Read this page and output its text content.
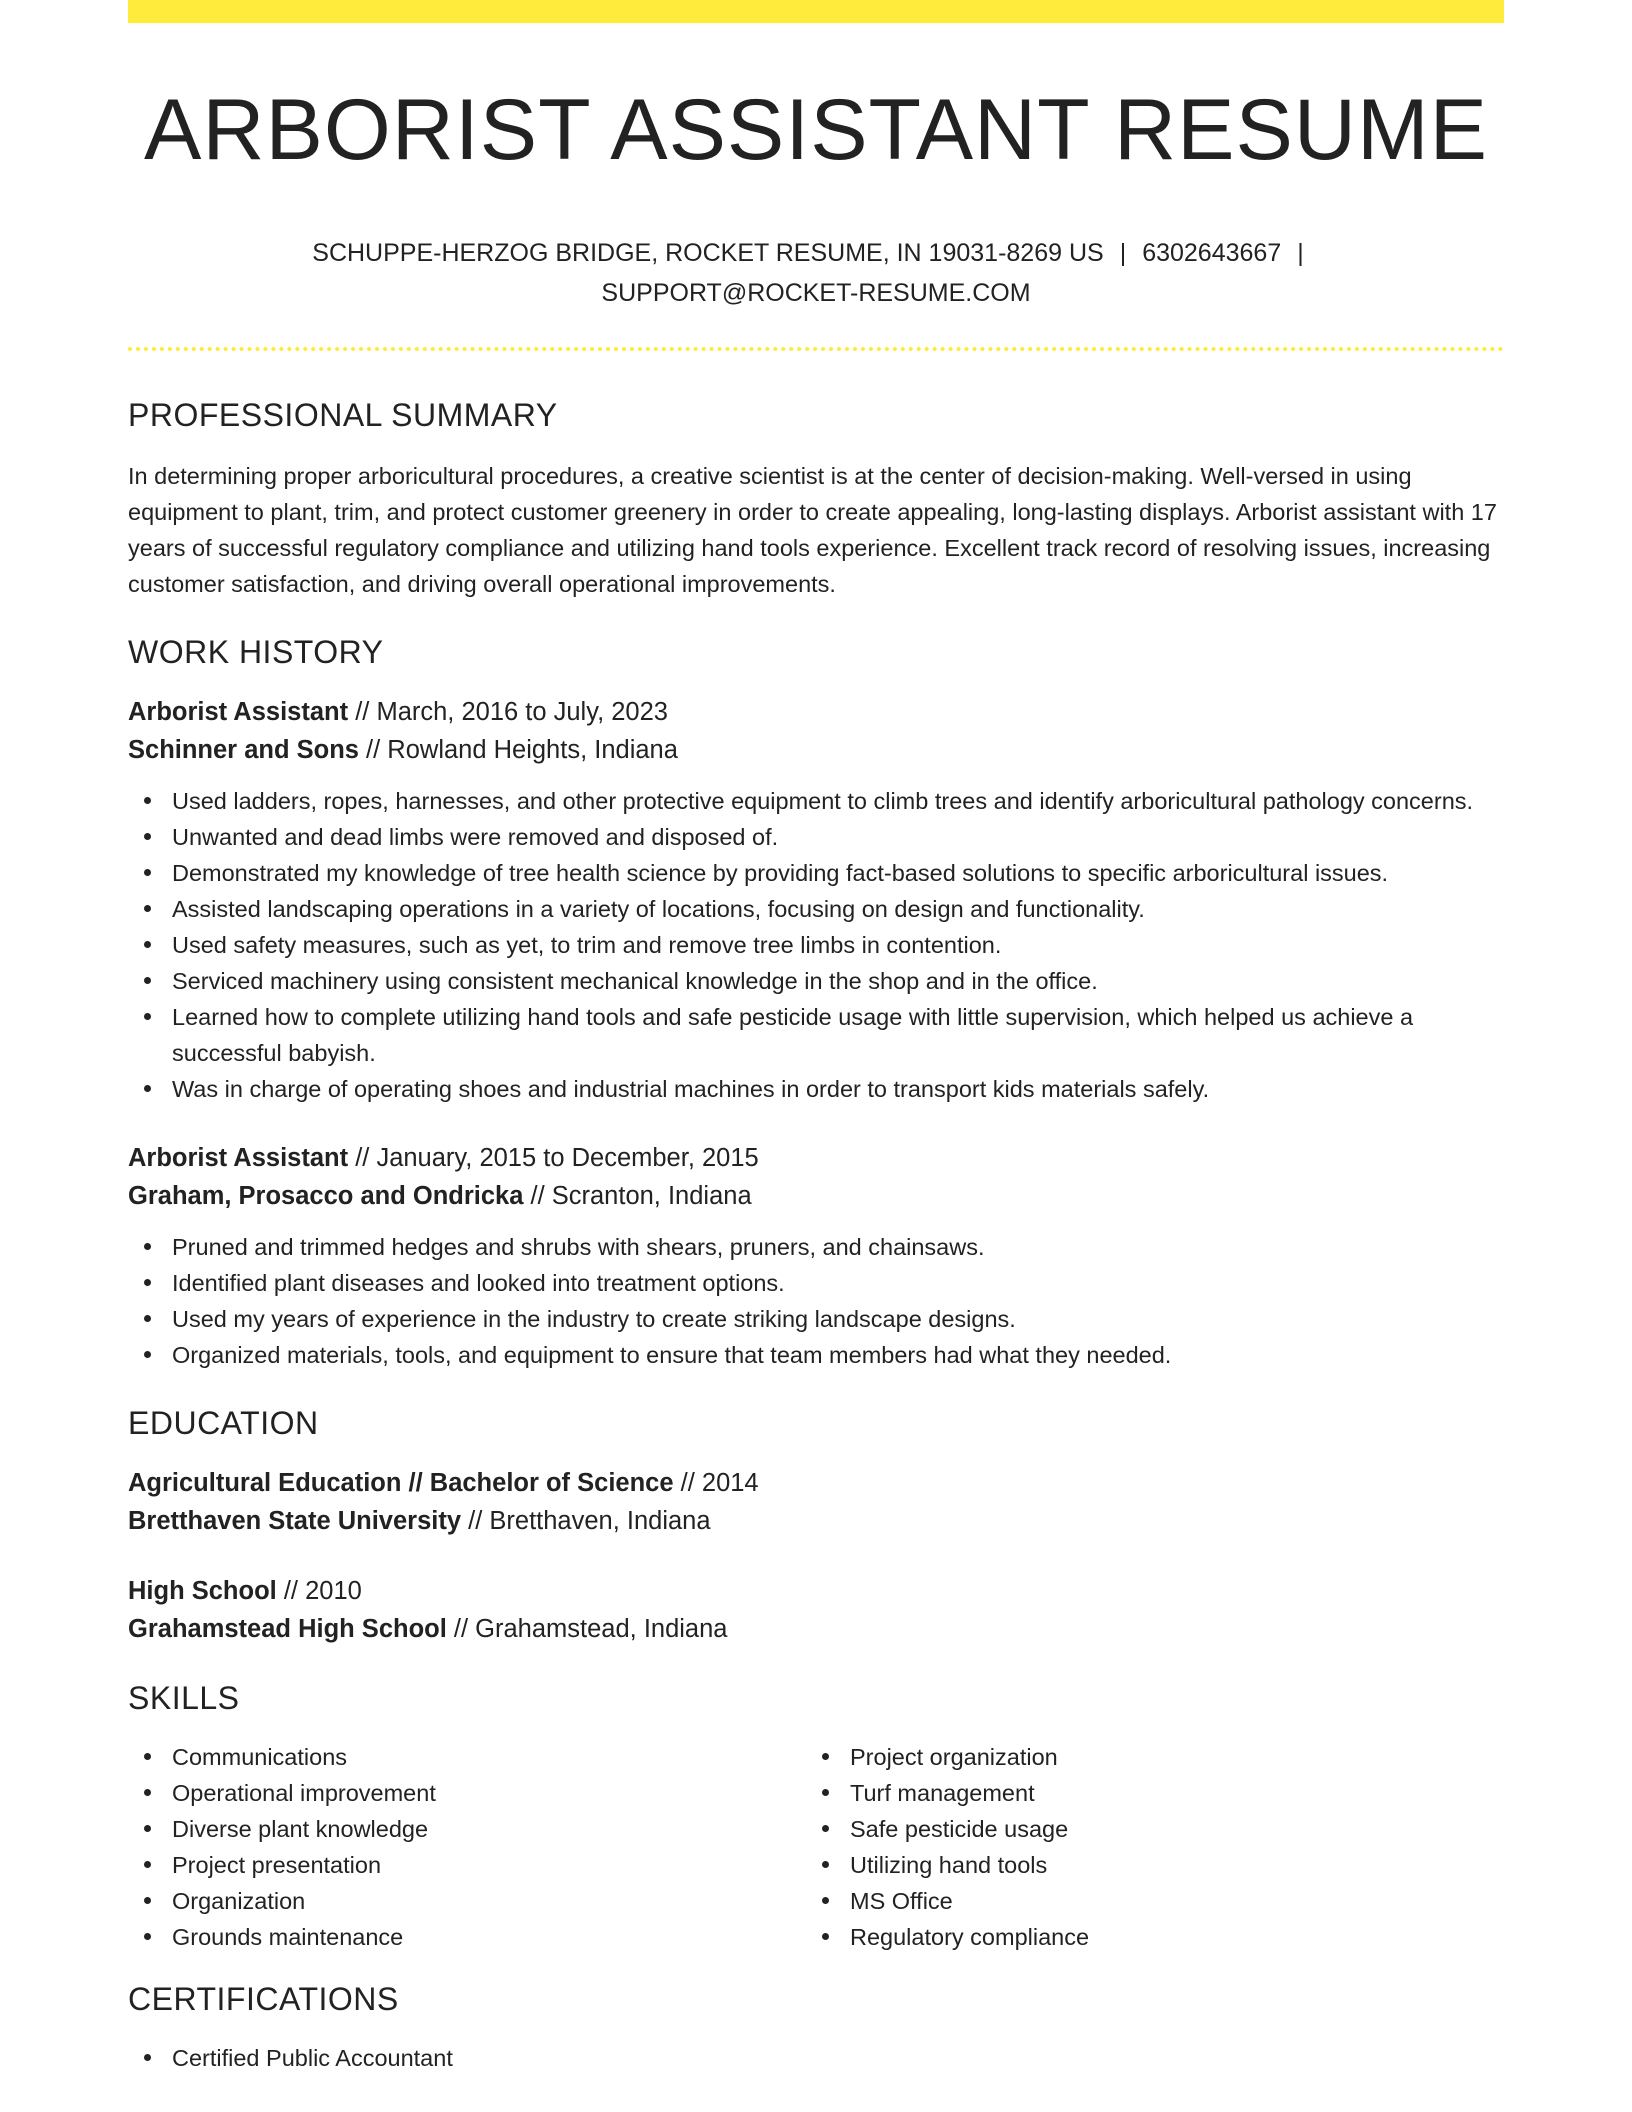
ARBORIST ASSISTANT RESUME
SCHUPPE-HERZOG BRIDGE, ROCKET RESUME, IN 19031-8269 US | 6302643667 |
SUPPORT@ROCKET-RESUME.COM
PROFESSIONAL SUMMARY

In determining proper arboricultural procedures, a creative scientist is at the center of decision-making. Well-versed in using equipment to plant, trim, and protect customer greenery in order to create appealing, long-lasting displays. Arborist assistant with 17 years of successful regulatory compliance and utilizing hand tools experience. Excellent track record of resolving issues, increasing customer satisfaction, and driving overall operational improvements.

WORK HISTORY
Arborist Assistant // March, 2016 to July, 2023
Schinner and Sons // Rowland Heights, Indiana
Used ladders, ropes, harnesses, and other protective equipment to climb trees and identify arboricultural pathology concerns.
Unwanted and dead limbs were removed and disposed of.
Demonstrated my knowledge of tree health science by providing fact-based solutions to specific arboricultural issues.
Assisted landscaping operations in a variety of locations, focusing on design and functionality.
Used safety measures, such as yet, to trim and remove tree limbs in contention.
Serviced machinery using consistent mechanical knowledge in the shop and in the office.
Learned how to complete utilizing hand tools and safe pesticide usage with little supervision, which helped us achieve a successful babyish.
Was in charge of operating shoes and industrial machines in order to transport kids materials safely.
Arborist Assistant // January, 2015 to December, 2015
Graham, Prosacco and Ondricka // Scranton, Indiana
Pruned and trimmed hedges and shrubs with shears, pruners, and chainsaws.
Identified plant diseases and looked into treatment options.
Used my years of experience in the industry to create striking landscape designs.
Organized materials, tools, and equipment to ensure that team members had what they needed.
EDUCATION
Agricultural Education // Bachelor of Science // 2014
Bretthaven State University // Bretthaven, Indiana
High School // 2010
Grahamstead High School // Grahamstead, Indiana
SKILLS
Communications
Operational improvement
Diverse plant knowledge
Project presentation
Organization
Grounds maintenance
Project organization
Turf management
Safe pesticide usage
Utilizing hand tools
MS Office
Regulatory compliance
CERTIFICATIONS
Certified Public Accountant
